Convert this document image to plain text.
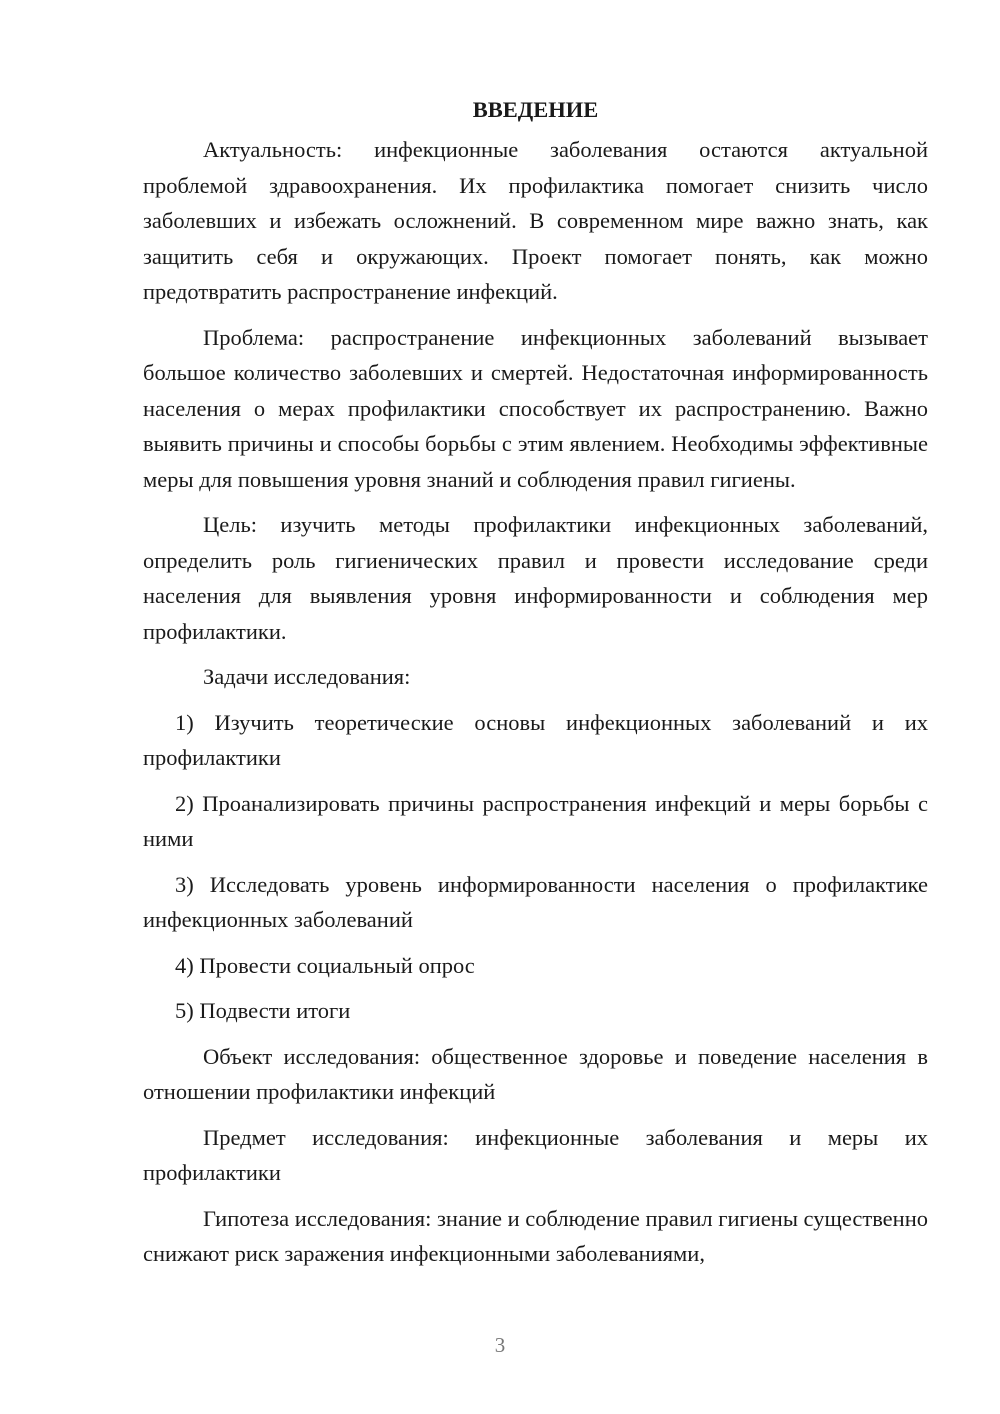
ВВЕДЕНИЕ

Актуальность: инфекционные заболевания остаются актуальной проблемой здравоохранения. Их профилактика помогает снизить число заболевших и избежать осложнений. В современном мире важно знать, как защитить себя и окружающих. Проект помогает понять, как можно предотвратить распространение инфекций.

Проблема: распространение инфекционных заболеваний вызывает большое количество заболевших и смертей. Недостаточная информированность населения о мерах профилактики способствует их распространению. Важно выявить причины и способы борьбы с этим явлением. Необходимы эффективные меры для повышения уровня знаний и соблюдения правил гигиены.

Цель: изучить методы профилактики инфекционных заболеваний, определить роль гигиенических правил и провести исследование среди населения для выявления уровня информированности и соблюдения мер профилактики.

Задачи исследования:

1) Изучить теоретические основы инфекционных заболеваний и их профилактики

2) Проанализировать причины распространения инфекций и меры борьбы с ними

3) Исследовать уровень информированности населения о профилактике инфекционных заболеваний

4) Провести социальный опрос

5) Подвести итоги

Объект исследования: общественное здоровье и поведение населения в отношении профилактики инфекций

Предмет исследования: инфекционные заболевания и меры их профилактики

Гипотеза исследования: знание и соблюдение правил гигиены существенно снижают риск заражения инфекционными заболеваниями,

3
